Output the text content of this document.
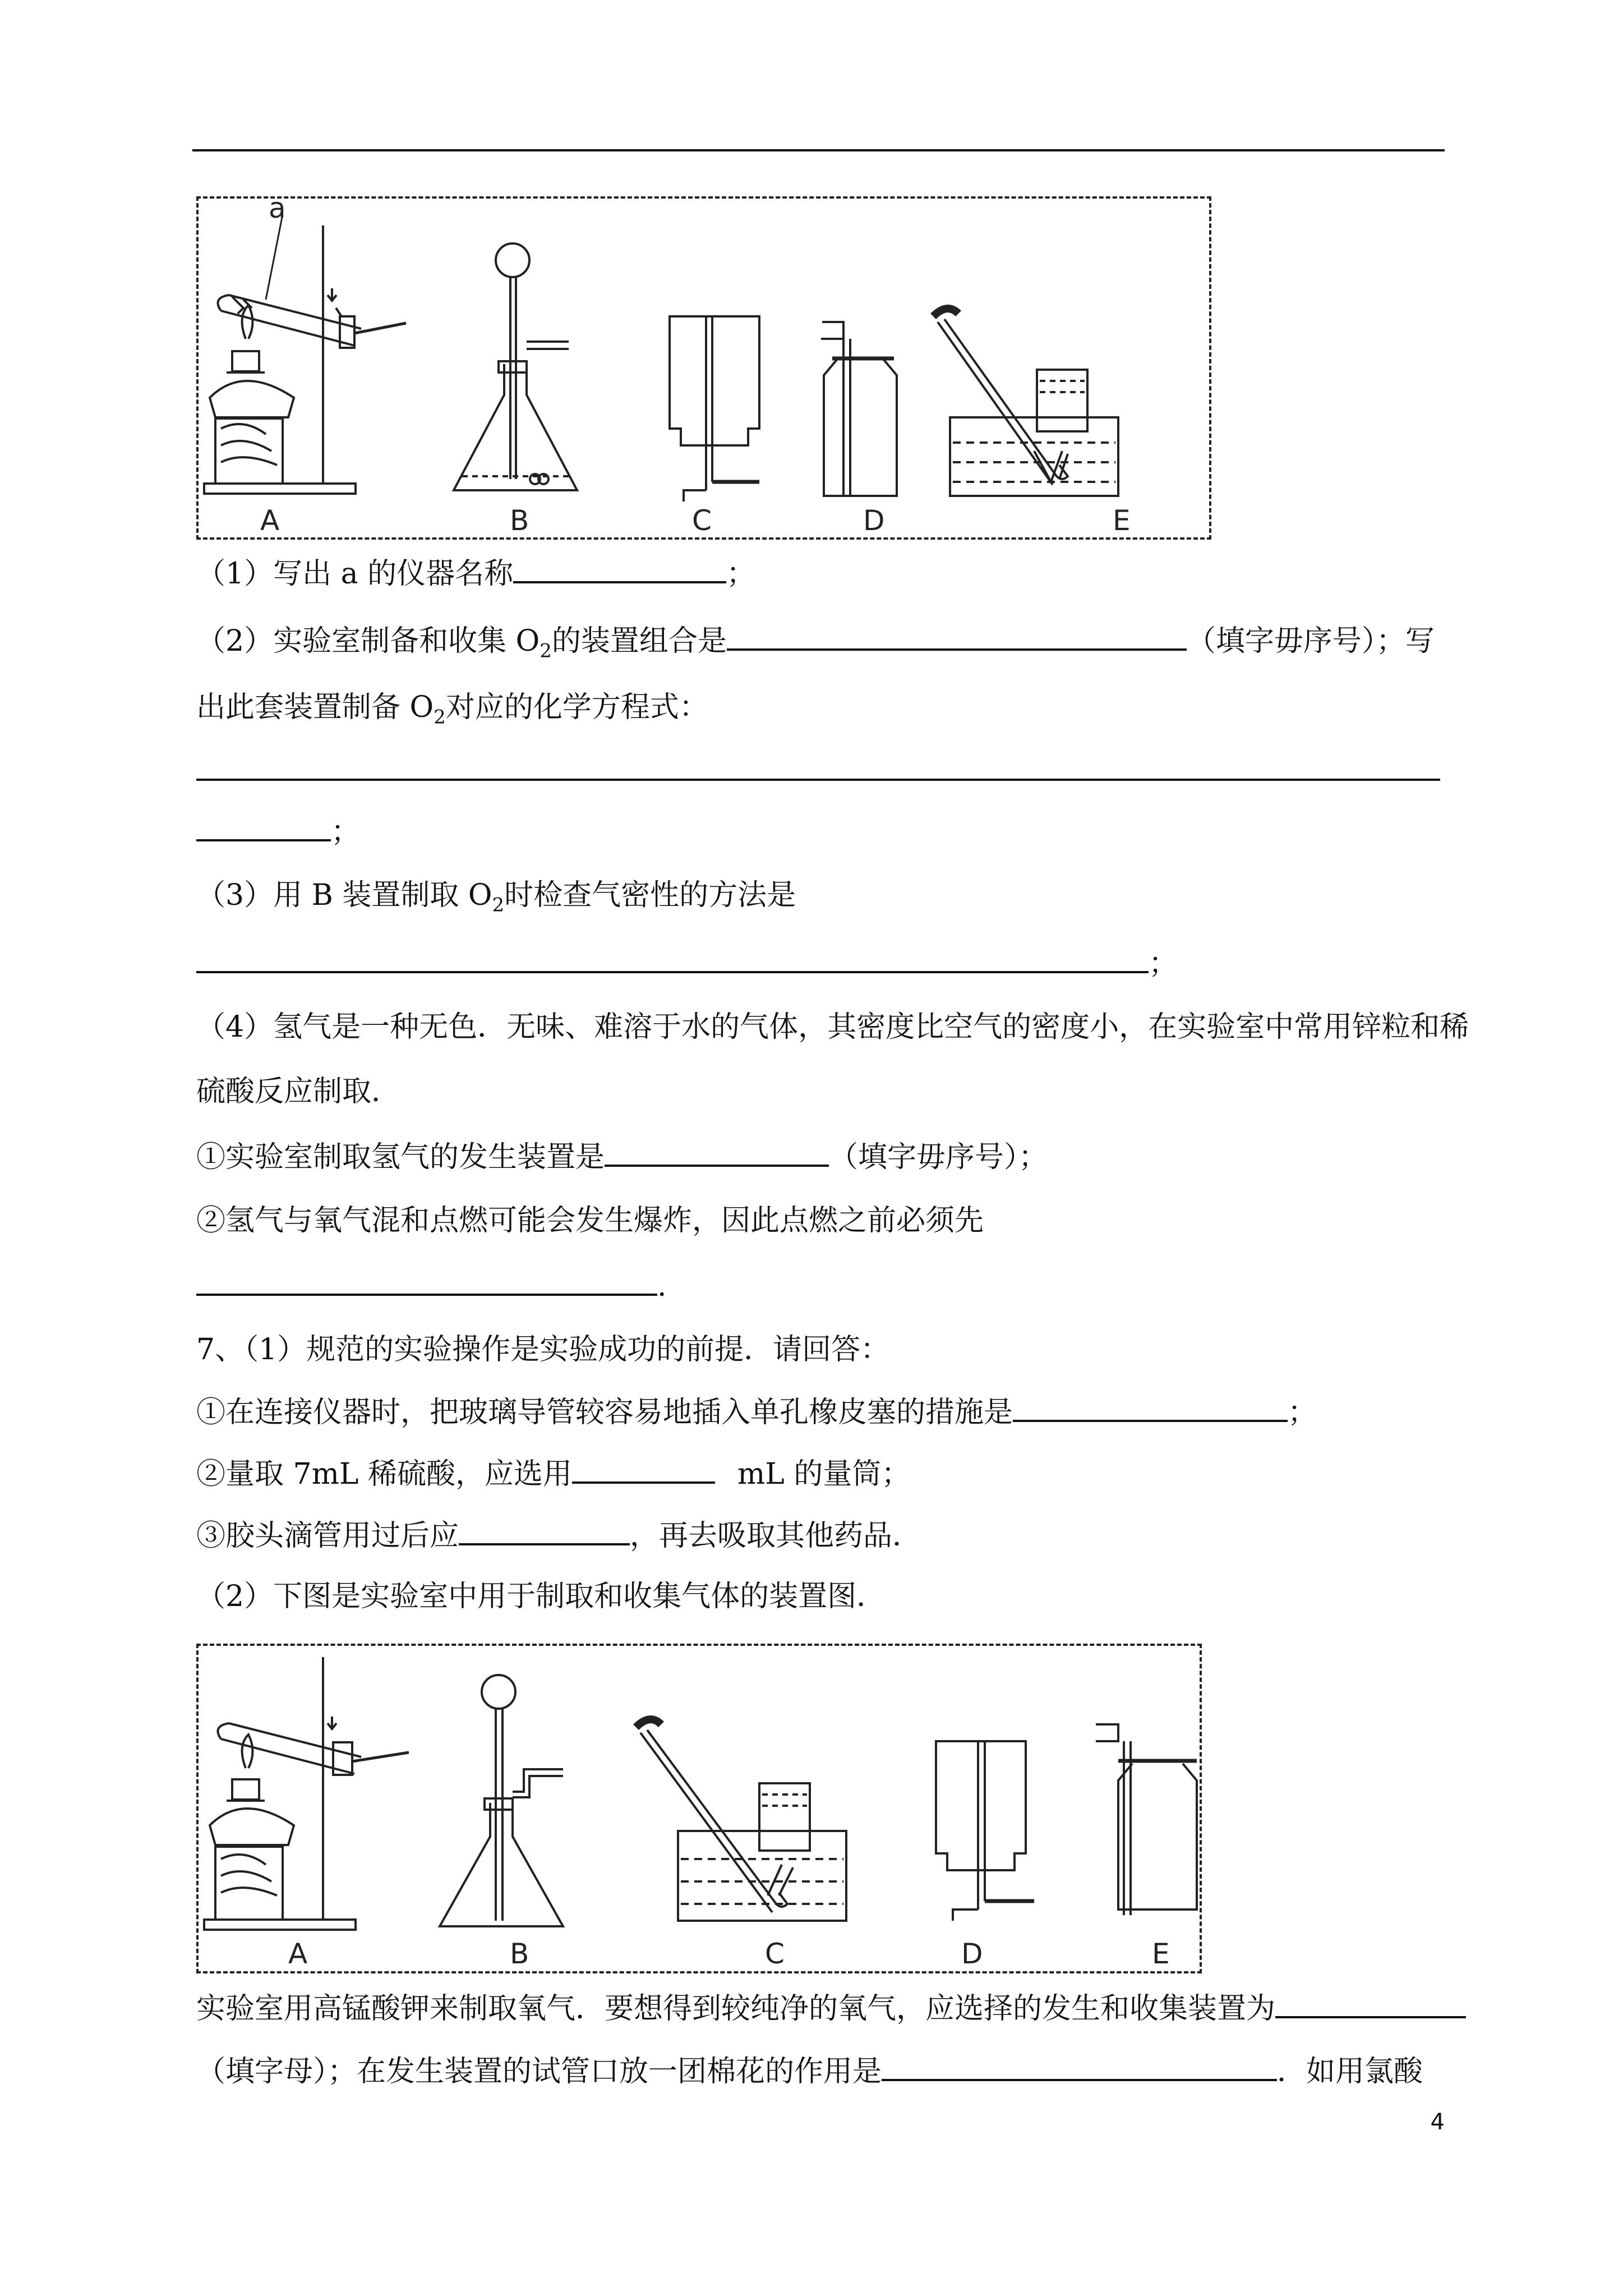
a
A	B	C	D	E
（1）写出 a 的仪器名称	；
（2）实验室制备和收集 $O_2$的装置组合是	（填字毋序号）；写
出此套装置制备 $O_2$对应的化学方程式：
；
（3）用 B 装置制取 $O_2$时检查气密性的方法是
；
（4）氢气是一种无色．无味、难溶于水的气体，其密度比空气的密度小，在实验室中常用锌粒和稀
硫酸反应制取．
①实验室制取氢气的发生装置是	（填字毋序号）；
②氢气与氧气混和点燃可能会发生爆炸，因此点燃之前必须先
.
7、（1）规范的实验操作是实验成功的前提．请回答：
①在连接仪器时，把玻璃导管较容易地插入单孔橡皮塞的措施是	；
②量取 7mL 稀硫酸，应选用	mL 的量筒；
③胶头滴管用过后应	，再去吸取其他药品．
（2）下图是实验室中用于制取和收集气体的装置图．
A	B	C	D	E
实验室用高锰酸钾来制取氧气．要想得到较纯净的氧气，应选择的发生和收集装置为
（填字母）；在发生装置的试管口放一团棉花的作用是	．如用氯酸
4
